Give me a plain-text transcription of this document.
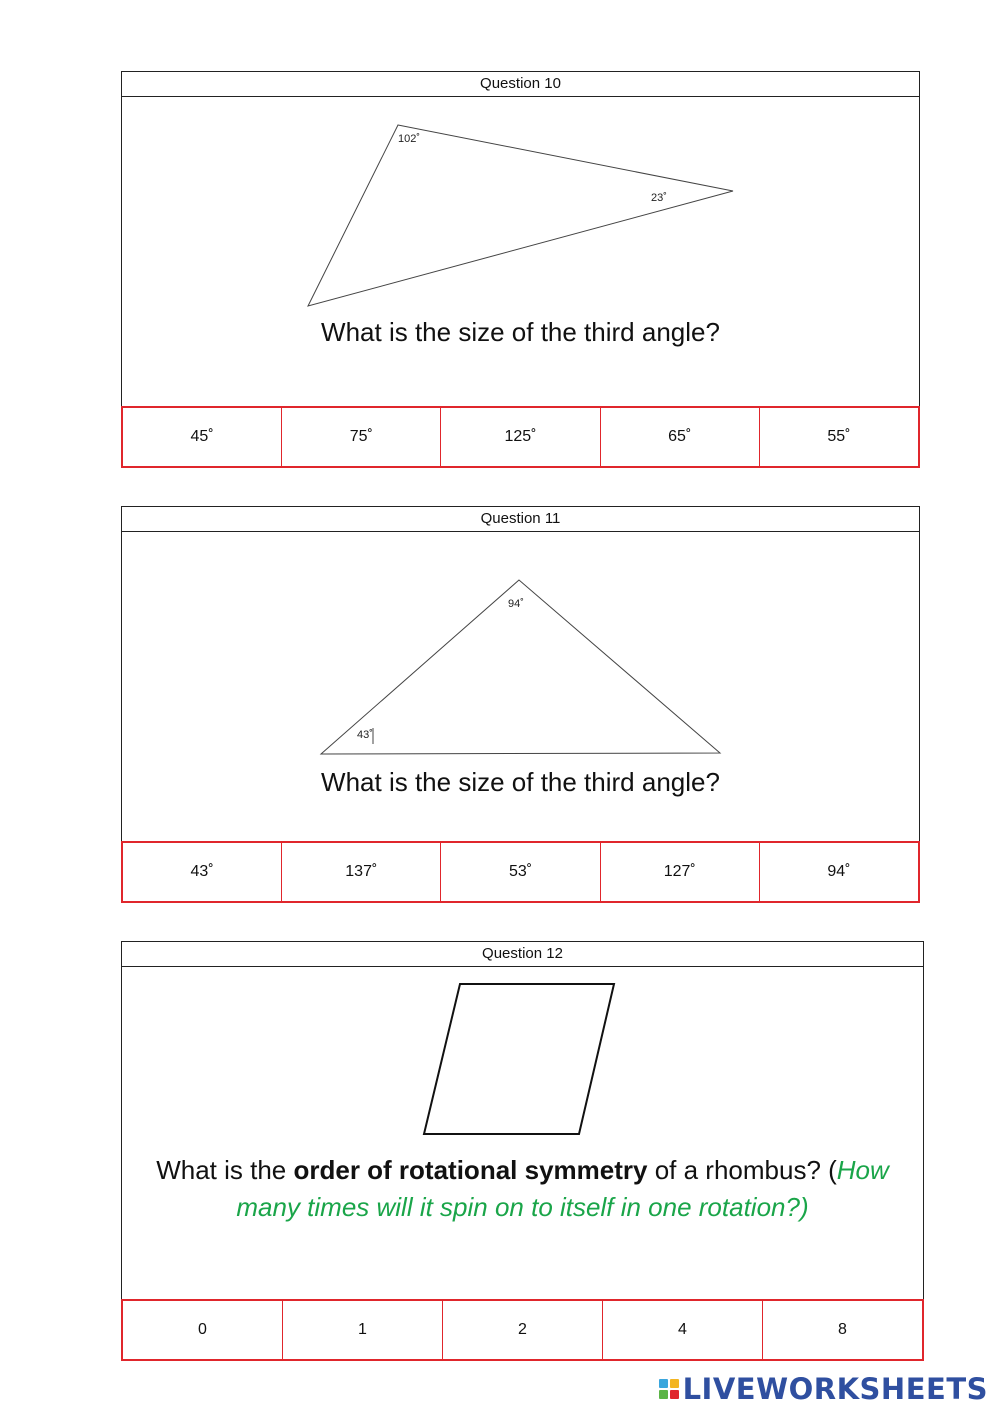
Question 10
102˚
23˚
What is the size of the third angle?
45˚	75˚	125˚	65˚	55˚
Question 11
94˚
43˚
What is the size of the third angle?
43˚	137˚	53˚	127˚	94˚
Question 12
What is the order of rotational symmetry of a rhombus? (How many times will it spin on to itself in one rotation?)
0	1	2	4	8
LIVEWORKSHEETS
